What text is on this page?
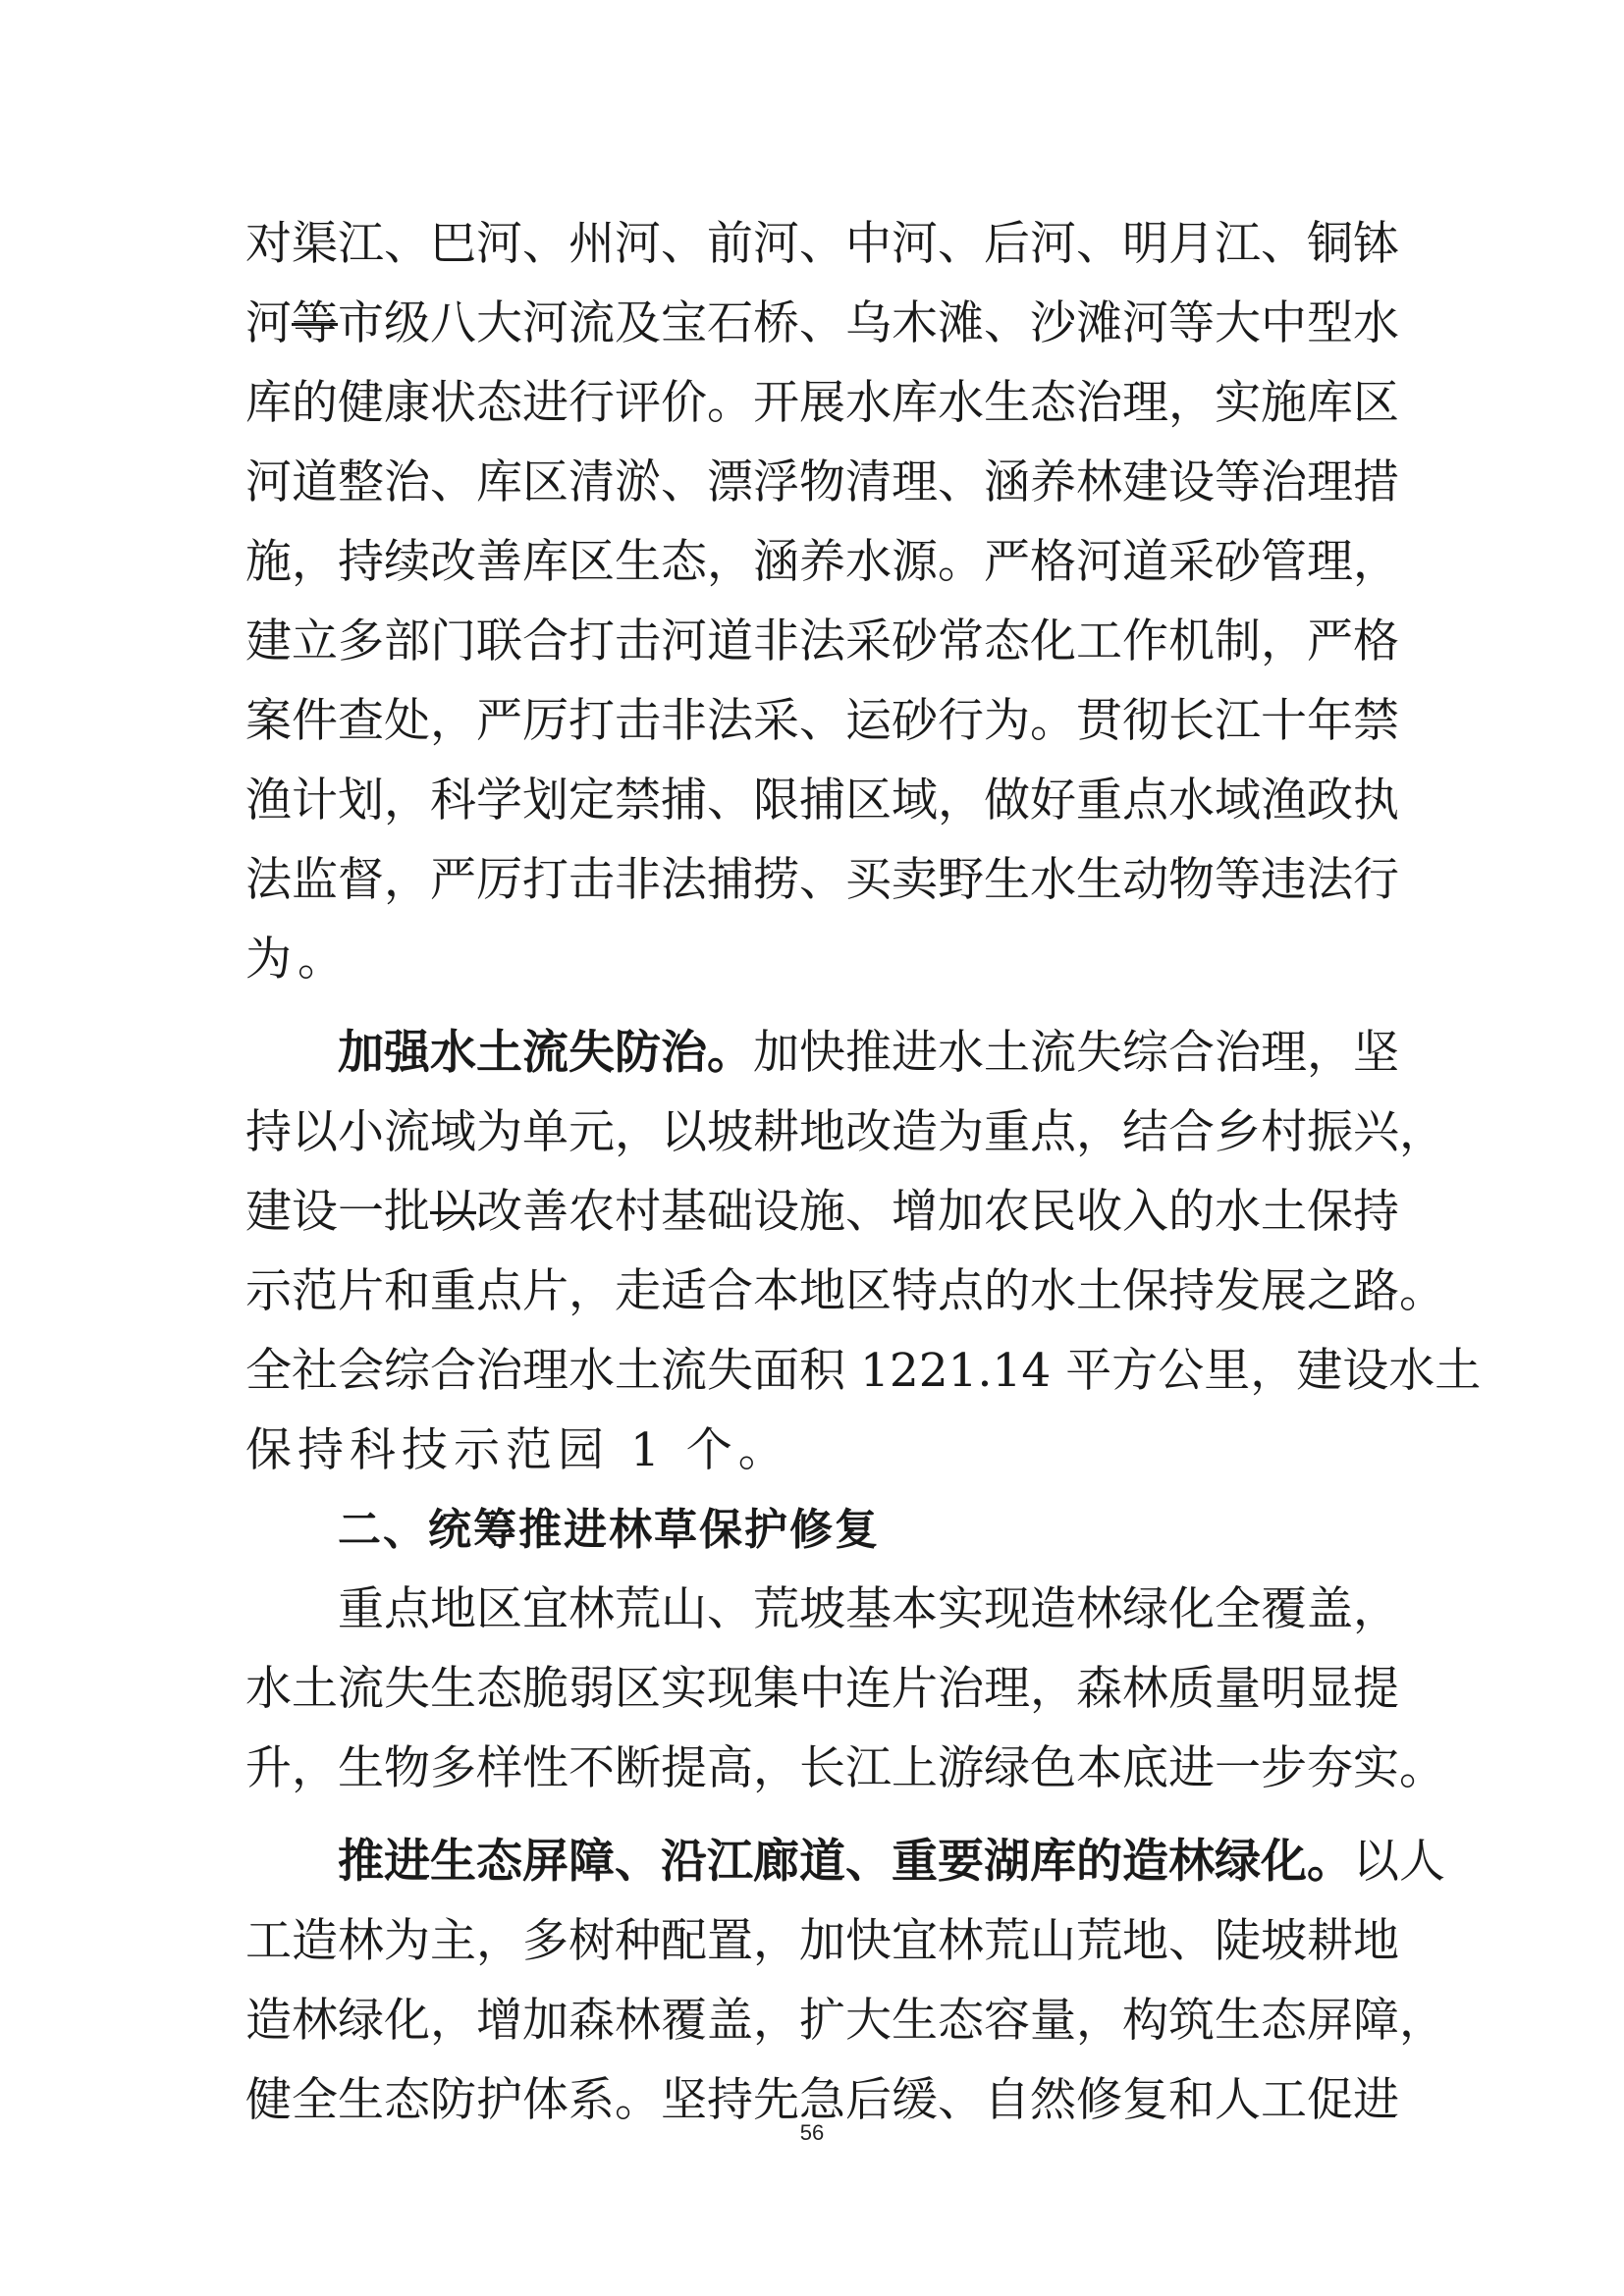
对渠江、巴河、州河、前河、中河、后河、明月江、铜钵
河等市级八大河流及宝石桥、乌木滩、沙滩河等大中型水
库的健康状态进行评价。开展水库水生态治理，实施库区
河道整治、库区清淤、漂浮物清理、涵养林建设等治理措
施，持续改善库区生态，涵养水源。严格河道采砂管理，
建立多部门联合打击河道非法采砂常态化工作机制，严格
案件查处，严厉打击非法采、运砂行为。贯彻长江十年禁
渔计划，科学划定禁捕、限捕区域，做好重点水域渔政执
法监督，严厉打击非法捕捞、买卖野生水生动物等违法行
为。
加强水土流失防治。加快推进水土流失综合治理，坚
持以小流域为单元，以坡耕地改造为重点，结合乡村振兴，
建设一批以改善农村基础设施、增加农民收入的水土保持
示范片和重点片，走适合本地区特点的水土保持发展之路。
全社会综合治理水土流失面积 1221.14 平方公里，建设水土
保持科技示范园 1 个。
二、统筹推进林草保护修复
重点地区宜林荒山、荒坡基本实现造林绿化全覆盖，
水土流失生态脆弱区实现集中连片治理，森林质量明显提
升，生物多样性不断提高，长江上游绿色本底进一步夯实。
推进生态屏障、沿江廊道、重要湖库的造林绿化。以人
工造林为主，多树种配置，加快宜林荒山荒地、陡坡耕地
造林绿化，增加森林覆盖，扩大生态容量，构筑生态屏障，
健全生态防护体系。坚持先急后缓、自然修复和人工促进
56
